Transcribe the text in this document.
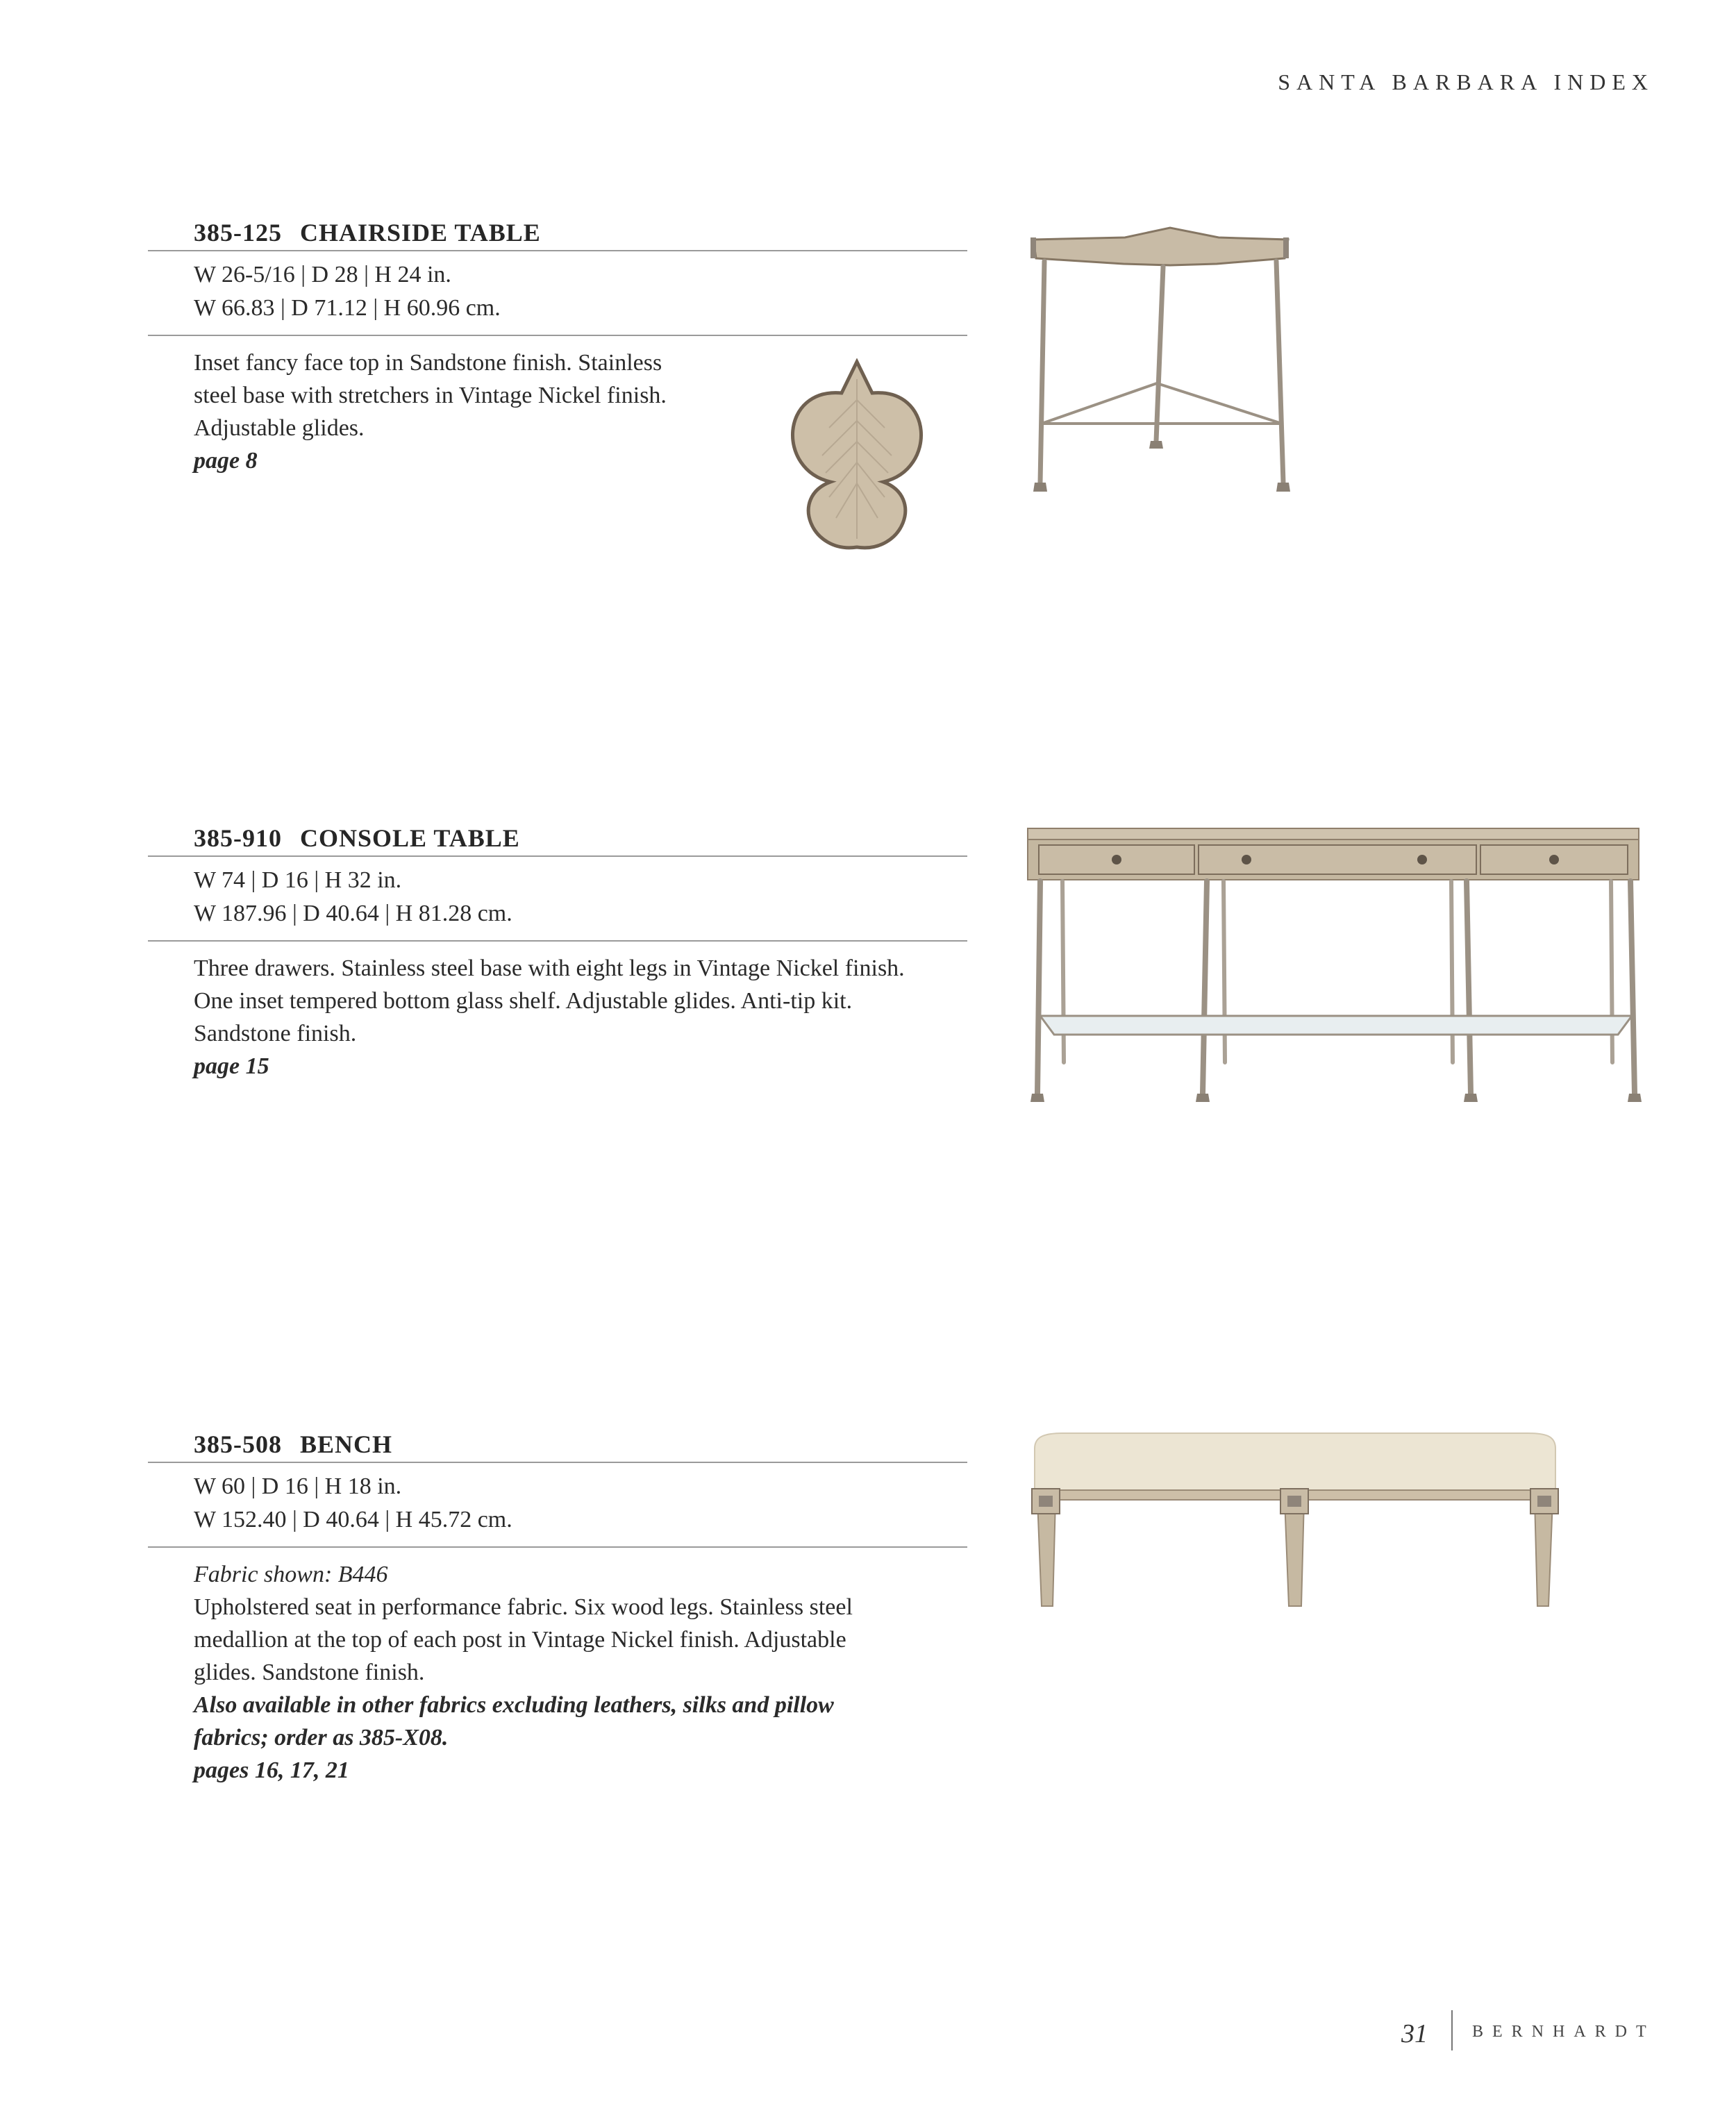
SANTA BARBARA INDEX
385-125 CHAIRSIDE TABLE
W 26-5/16 | D 28 | H 24 in.
W 66.83 | D 71.12 | H 60.96 cm.
Inset fancy face top in Sandstone finish. Stainless
steel base with stretchers in Vintage Nickel finish.
Adjustable glides.
page 8
385-910 CONSOLE TABLE
W 74 | D 16 | H 32 in.
W 187.96 | D 40.64 | H 81.28 cm.
Three drawers. Stainless steel base with eight legs in Vintage Nickel finish.
One inset tempered bottom glass shelf. Adjustable glides. Anti-tip kit.
Sandstone finish.
page 15
385-508 BENCH
W 60 | D 16 | H 18 in.
W 152.40 | D 40.64 | H 45.72 cm.
Fabric shown: B446
Upholstered seat in performance fabric. Six wood legs. Stainless steel
medallion at the top of each post in Vintage Nickel finish. Adjustable
glides. Sandstone finish.
Also available in other fabrics excluding leathers, silks and pillow
fabrics; order as 385-X08.
pages 16, 17, 21
31	BERNHARDT
